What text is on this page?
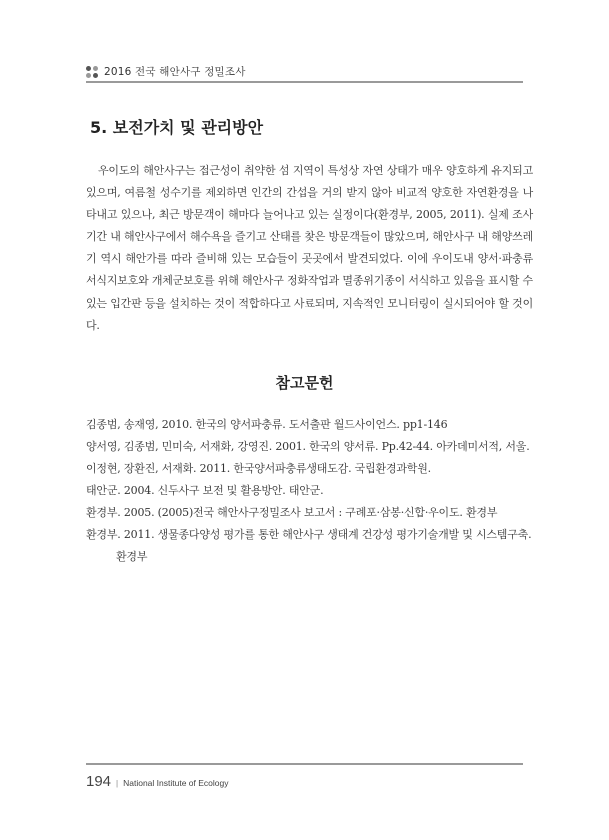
2016 전국 해안사구 정밀조사
5. 보전가치 및 관리방안

우이도의 해안사구는 접근성이 취약한 섬 지역이 특성상 자연 상태가 매우 양호하게 유지되고 있으며, 여름철 성수기를 제외하면 인간의 간섭을 거의 받지 않아 비교적 양호한 자연환경을 나타내고 있으나, 최근 방문객이 해마다 늘어나고 있는 실정이다(환경부, 2005, 2011). 실제 조사기간 내 해안사구에서 해수욕을 즐기고 산태를 찾은 방문객들이 많았으며, 해안사구 내 해양쓰레기 역시 해안가를 따라 즐비해 있는 모습들이 곳곳에서 발견되었다. 이에 우이도내 양서·파충류 서식지보호와 개체군보호를 위해 해안사구 정화작업과 멸종위기종이 서식하고 있음을 표시할 수 있는 입간판 등을 설치하는 것이 적합하다고 사료되며, 지속적인 모니터링이 실시되어야 할 것이다.

참고문헌
김종범, 송재영, 2010. 한국의 양서파충류. 도서출판 월드사이언스. pp1-146
양서영, 김종범, 민미숙, 서재화, 강영진. 2001. 한국의 양서류. Pp.42-44. 아카데미서적, 서울.
이정현, 장환진, 서재화. 2011. 한국양서파충류생태도감. 국립환경과학원.
태안군. 2004. 신두사구 보전 및 활용방안. 태안군.
환경부. 2005. (2005)전국 해안사구정밀조사 보고서 : 구례포·삼봉·신합·우이도. 환경부
환경부. 2011. 생물종다양성 평가를 통한 해안사구 생태계 건강성 평가기술개발 및 시스템구축. 환경부
194 | National Institute of Ecology
